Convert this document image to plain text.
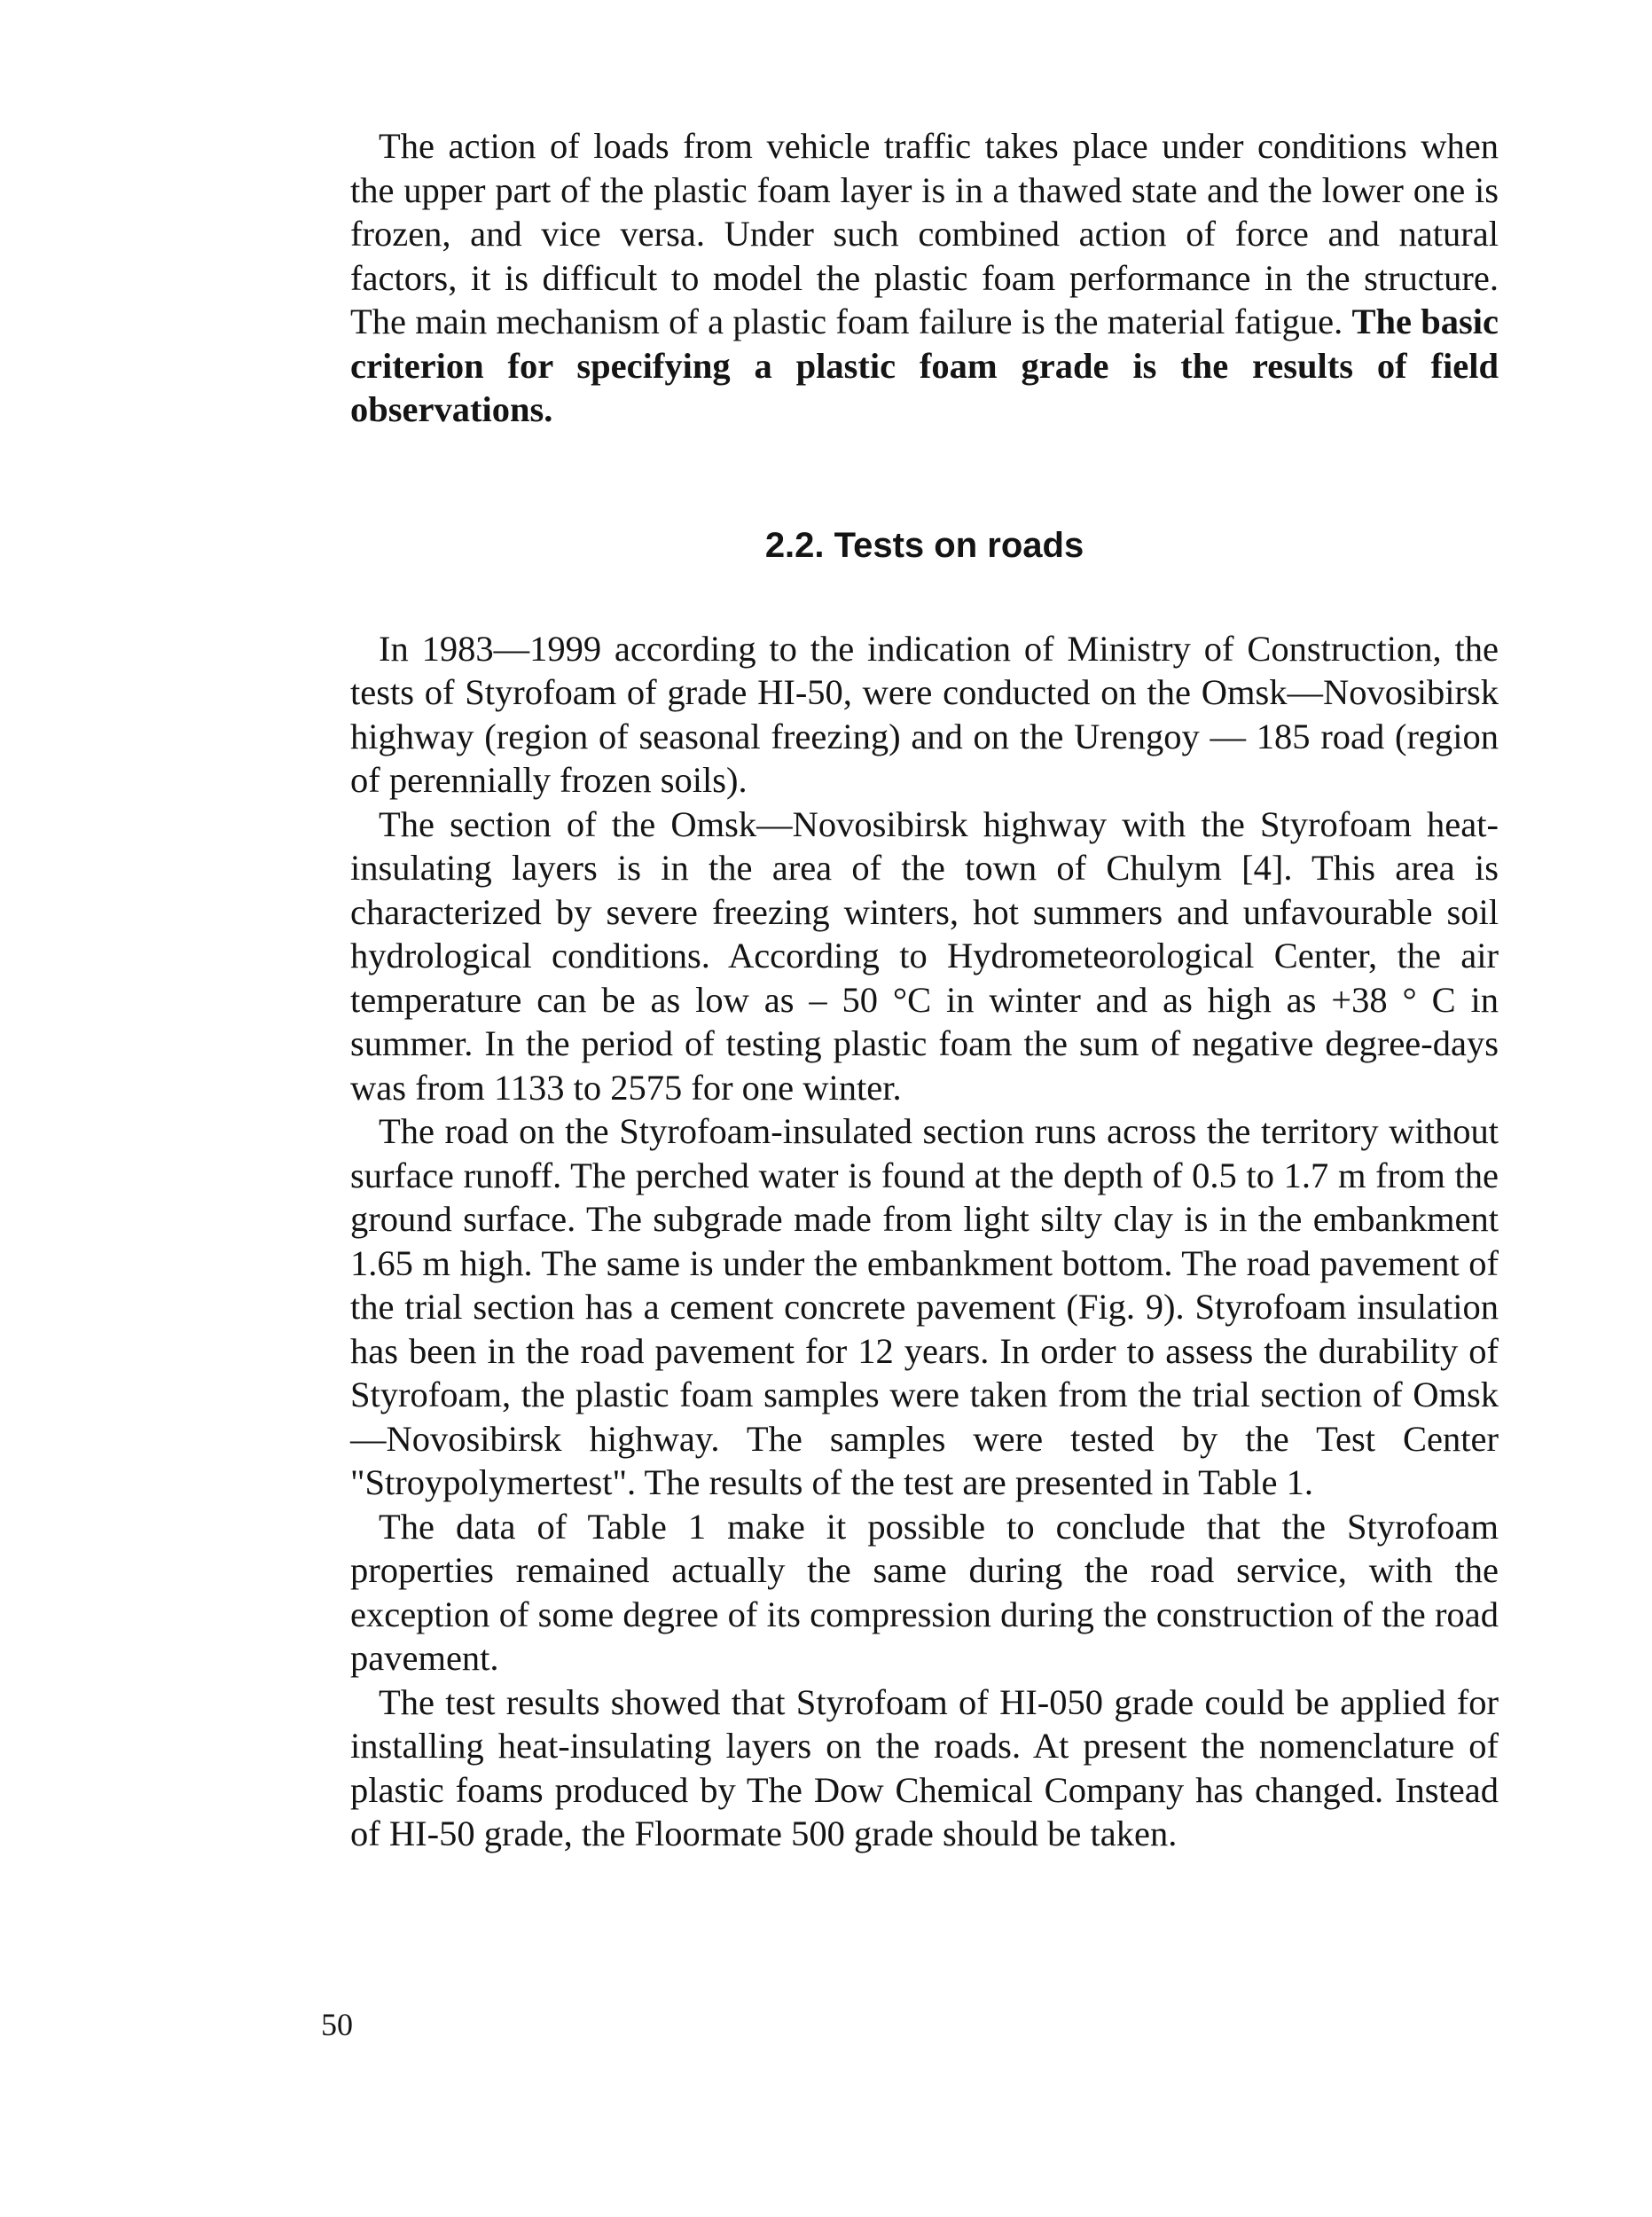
The action of loads from vehicle traffic takes place under conditions when the upper part of the plastic foam layer is in a thawed state and the lower one is frozen, and vice versa. Under such combined action of force and natural factors, it is difficult to model the plastic foam performance in the structure. The main mechanism of a plastic foam failure is the material fatigue. The basic criterion for specifying a plastic foam grade is the results of field observations.

2.2. Tests on roads

In 1983—1999 according to the indication of Ministry of Construction, the tests of Styrofoam of grade HI-50, were conducted on the Omsk—Novosibirsk highway (region of seasonal freezing) and on the Urengoy — 185 road (region of perennially frozen soils).

The section of the Omsk—Novosibirsk highway with the Styrofoam heat-insulating layers is in the area of the town of Chulym [4]. This area is characterized by severe freezing winters, hot summers and unfavourable soil hydrological conditions. According to Hydrometeorological Center, the air temperature can be as low as – 50 °C in winter and as high as +38 ° C in summer. In the period of testing plastic foam the sum of negative degree-days was from 1133 to 2575 for one winter.

The road on the Styrofoam-insulated section runs across the territory without surface runoff. The perched water is found at the depth of 0.5 to 1.7 m from the ground surface. The subgrade made from light silty clay is in the embankment 1.65 m high. The same is under the embankment bottom. The road pavement of the trial section has a cement concrete pavement (Fig. 9). Styrofoam insulation has been in the road pavement for 12 years. In order to assess the durability of Styrofoam, the plastic foam samples were taken from the trial section of Omsk—Novosibirsk highway. The samples were tested by the Test Center "Stroypolymertest". The results of the test are presented in Table 1.

The data of Table 1 make it possible to conclude that the Styrofoam properties remained actually the same during the road service, with the exception of some degree of its compression during the construction of the road pavement.

The test results showed that Styrofoam of HI-050 grade could be applied for installing heat-insulating layers on the roads. At present the nomenclature of plastic foams produced by The Dow Chemical Company has changed. Instead of HI-50 grade, the Floormate 500 grade should be taken.

50
